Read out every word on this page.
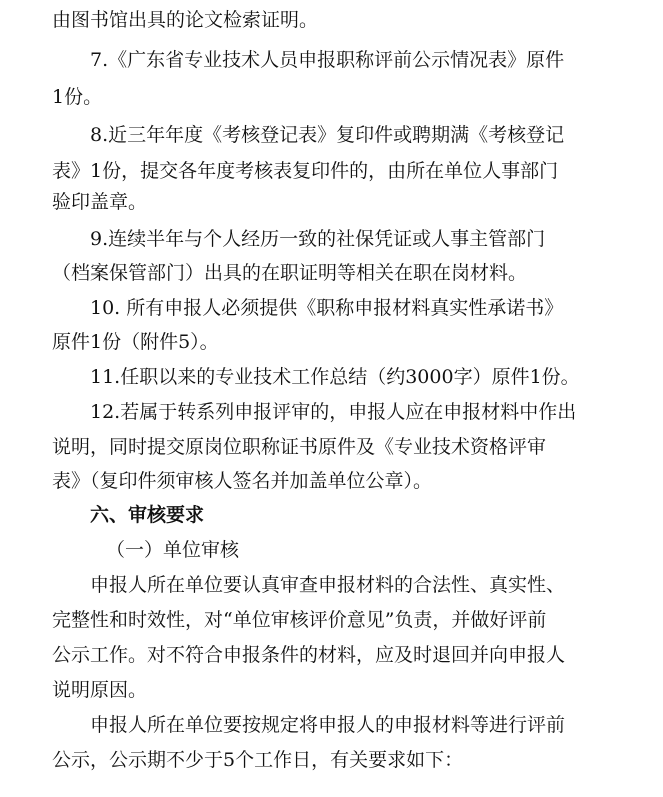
由图书馆出具的论文检索证明。
7.《广东省专业技术人员申报职称评前公示情况表》原件
1份。
8.近三年年度《考核登记表》复印件或聘期满《考核登记
表》1份，提交各年度考核表复印件的，由所在单位人事部门
验印盖章。
9.连续半年与个人经历一致的社保凭证或人事主管部门
（档案保管部门）出具的在职证明等相关在职在岗材料。
10. 所有申报人必须提供《职称申报材料真实性承诺书》
原件1份（附件5）。
11.任职以来的专业技术工作总结（约3000字）原件1份。
12.若属于转系列申报评审的，申报人应在申报材料中作出
说明，同时提交原岗位职称证书原件及《专业技术资格评审
表》（复印件须审核人签名并加盖单位公章）。
六、审核要求
（一）单位审核
申报人所在单位要认真审查申报材料的合法性、真实性、
完整性和时效性，对“单位审核评价意见”负责，并做好评前
公示工作。对不符合申报条件的材料，应及时退回并向申报人
说明原因。
申报人所在单位要按规定将申报人的申报材料等进行评前
公示，公示期不少于5个工作日，有关要求如下：
